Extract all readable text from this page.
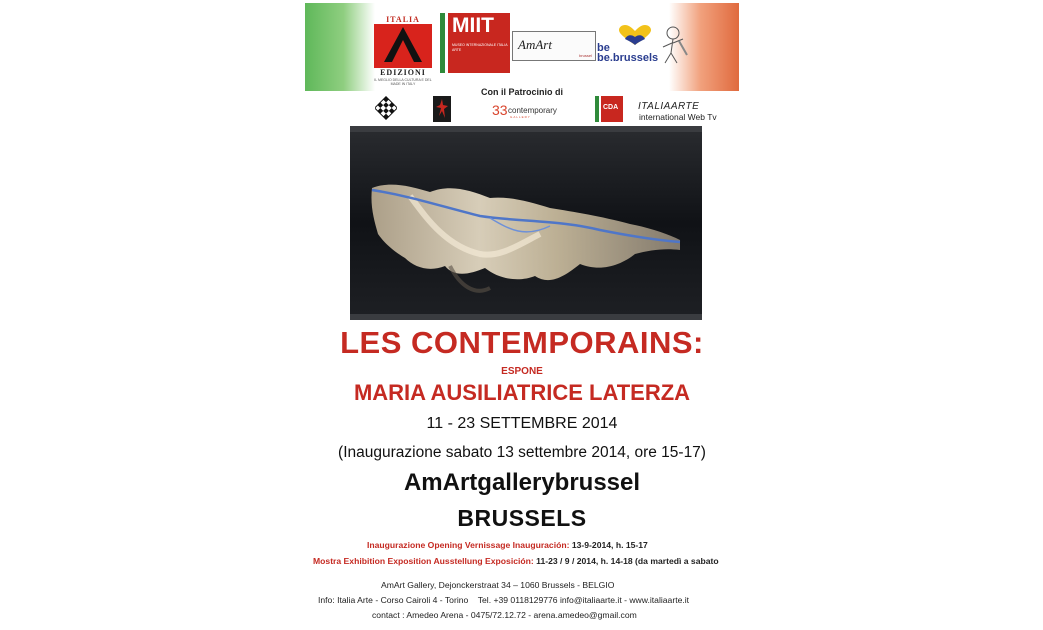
ITALIA
EDIZIONI
IL MEGLIO DELLA CULTURA E DEL MADE IN ITALY
MIIT
MUSEO INTERNAZIONALE ITALIA ARTE	AmArt
brussel
be
be.brussels
Con il Patrocinio di
33 contemporary
GALLERY
CDA ITALIAARTE
international Web Tv
LES CONTEMPORAINS:
ESPONE
MARIA AUSILIATRICE LATERZA
11 - 23 SETTEMBRE 2014
(Inaugurazione sabato 13 settembre 2014, ore 15-17)
AmArtgallerybrussel
BRUSSELS
Inaugurazione Opening Vernissage Inauguración: 13-9-2014, h. 15-17
Mostra Exhibition Exposition Ausstellung Exposición: 11-23 / 9 / 2014, h. 14-18 (da martedì a sabato
AmArt Gallery, Dejonckerstraat 34 – 1060 Brussels - BELGIO
Info: Italia Arte - Corso Cairoli 4 - Torino Tel. +39 0118129776 info@italiaarte.it - www.italiaarte.it
contact : Amedeo Arena - 0475/72.12.72 - arena.amedeo@gmail.com
